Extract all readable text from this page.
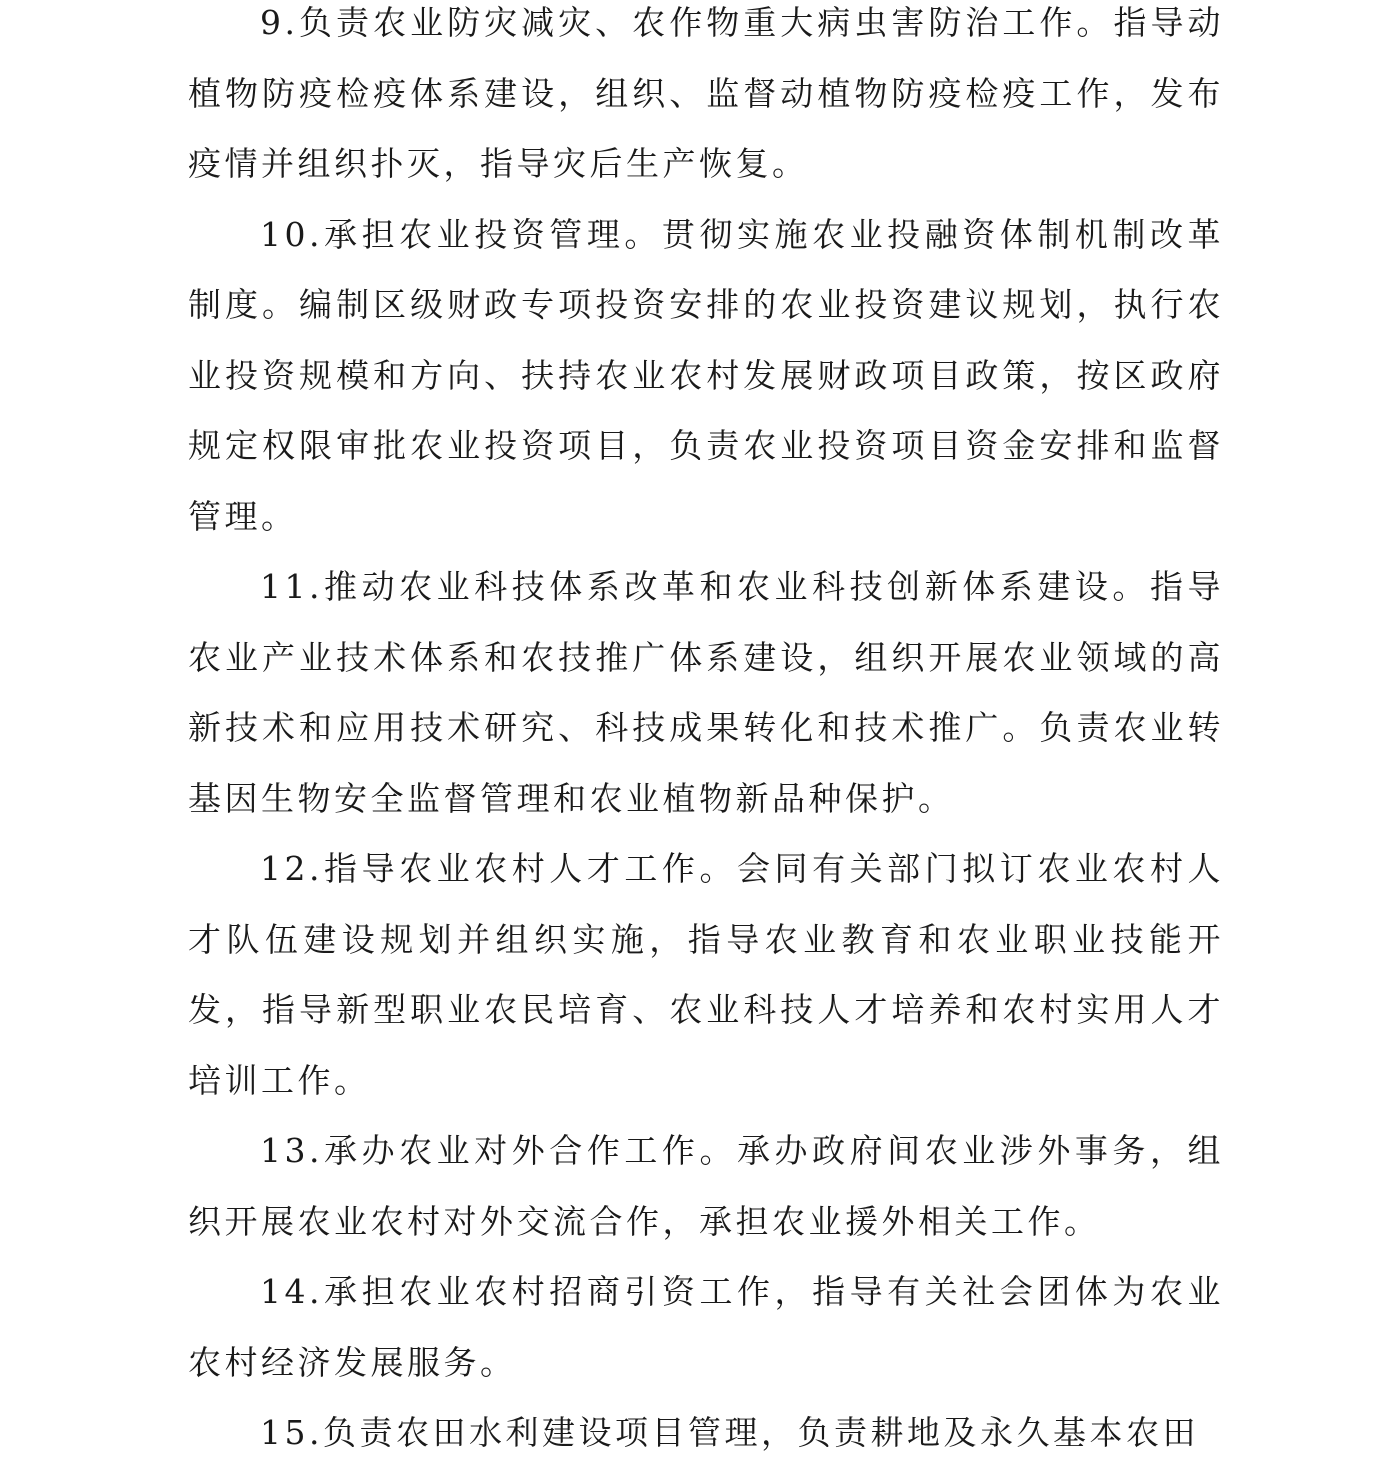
9.负责农业防灾减灾、农作物重大病虫害防治工作。指导动植物防疫检疫体系建设，组织、监督动植物防疫检疫工作，发布疫情并组织扑灭，指导灾后生产恢复。

10.承担农业投资管理。贯彻实施农业投融资体制机制改革制度。编制区级财政专项投资安排的农业投资建议规划，执行农业投资规模和方向、扶持农业农村发展财政项目政策，按区政府规定权限审批农业投资项目，负责农业投资项目资金安排和监督管理。

11.推动农业科技体系改革和农业科技创新体系建设。指导农业产业技术体系和农技推广体系建设，组织开展农业领域的高新技术和应用技术研究、科技成果转化和技术推广。负责农业转基因生物安全监督管理和农业植物新品种保护。

12.指导农业农村人才工作。会同有关部门拟订农业农村人才队伍建设规划并组织实施，指导农业教育和农业职业技能开发，指导新型职业农民培育、农业科技人才培养和农村实用人才培训工作。

13.承办农业对外合作工作。承办政府间农业涉外事务，组织开展农业农村对外交流合作，承担农业援外相关工作。

14.承担农业农村招商引资工作，指导有关社会团体为农业农村经济发展服务。

15.负责农田水利建设项目管理，负责耕地及永久基本农田
